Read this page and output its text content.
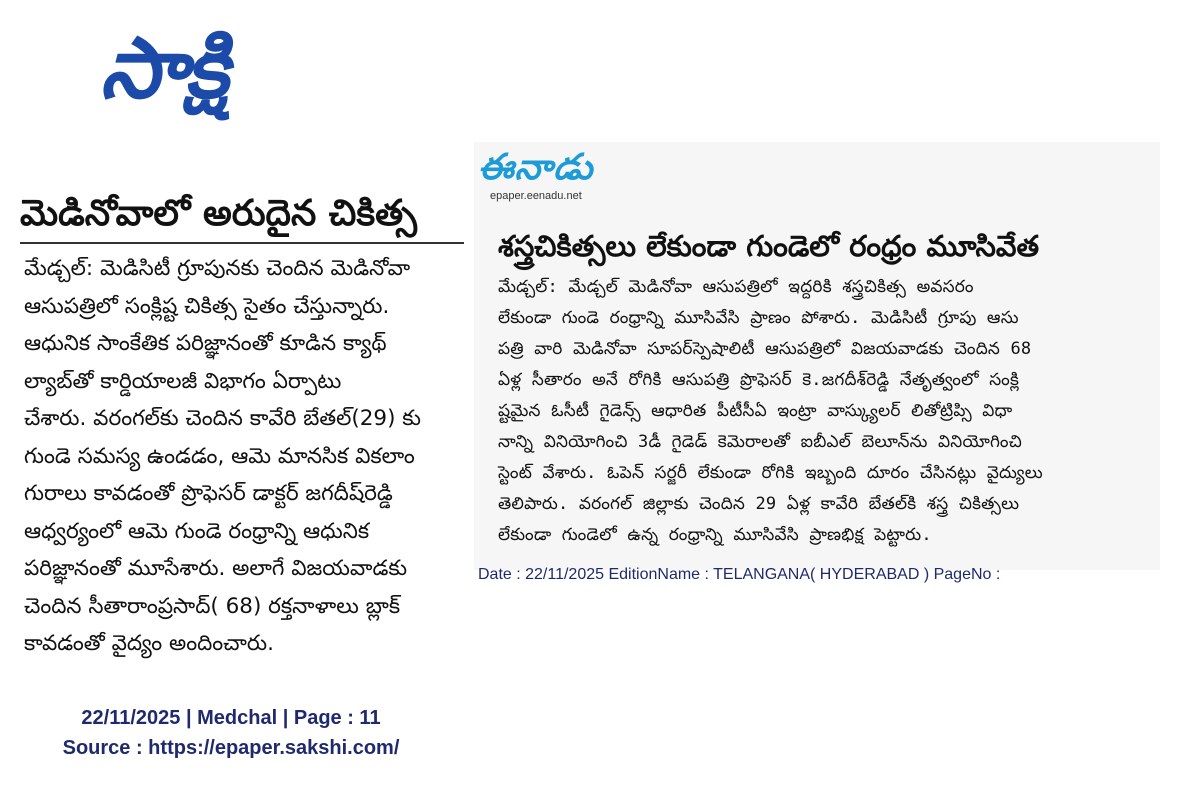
సాక్షి
మెడినోవాలో అరుదైన చికిత్స
మేడ్చల్: మెడిసిటీ గ్రూపునకు చెందిన మెడినోవా
ఆసుపత్రిలో సంక్లిష్ట చికిత్స సైతం చేస్తున్నారు.
ఆధునిక సాంకేతిక పరిజ్ఞానంతో కూడిన క్యాథ్
ల్యాబ్‌తో కార్డియాలజీ విభాగం ఏర్పాటు
చేశారు. వరంగల్‌కు చెందిన కావేరి బేతల్(29) కు
గుండె సమస్య ఉండడం, ఆమె మానసిక వికలాం
గురాలు కావడంతో ప్రొఫెసర్ డాక్టర్ జగదీష్‌రెడ్డి
ఆధ్వర్యంలో ఆమె గుండె రంధ్రాన్ని ఆధునిక
పరిజ్ఞానంతో మూసేశారు. అలాగే విజయవాడకు
చెందిన సీతారాంప్రసాద్( 68) రక్తనాళాలు బ్లాక్
కావడంతో వైద్యం అందించారు.
22/11/2025 | Medchal | Page : 11
Source : https://epaper.sakshi.com/
ఈనాడు
epaper.eenadu.net
శస్త్రచికిత్సలు లేకుండా గుండెలో రంధ్రం మూసివేత
మేడ్చల్: మేడ్చల్ మెడినోవా ఆసుపత్రిలో ఇద్దరికి శస్త్రచికిత్స అవసరం
లేకుండా గుండె రంధ్రాన్ని మూసివేసి ప్రాణం పోశారు. మెడిసిటీ గ్రూపు ఆసు
పత్రి వారి మెడినోవా సూపర్‌స్పెషాలిటీ ఆసుపత్రిలో విజయవాడకు చెందిన 68
ఏళ్ల సీతారం అనే రోగికి ఆసుపత్రి ప్రొఫెసర్ కె.జగదీశ్‌రెడ్డి నేతృత్వంలో సంక్లి
ష్టమైన ఓసీటీ గైడెన్స్ ఆధారిత పీటీసీఏ ఇంట్రా వాస్క్యులర్ లితోట్రిప్సి విధా
నాన్ని వినియోగించి 3డీ గైడెడ్ కెమెరాలతో ఐబీఎల్ బెలూన్‌ను వినియోగించి
స్టెంట్ వేశారు. ఓపెన్ సర్జరీ లేకుండా రోగికి ఇబ్బంది దూరం చేసినట్లు వైద్యులు
తెలిపారు. వరంగల్ జిల్లాకు చెందిన 29 ఏళ్ల కావేరి బేతల్‌కి శస్త్ర చికిత్సలు
లేకుండా గుండెలో ఉన్న రంధ్రాన్ని మూసివేసి ప్రాణభిక్ష పెట్టారు.
Date : 22/11/2025 EditionName : TELANGANA( HYDERABAD ) PageNo :
